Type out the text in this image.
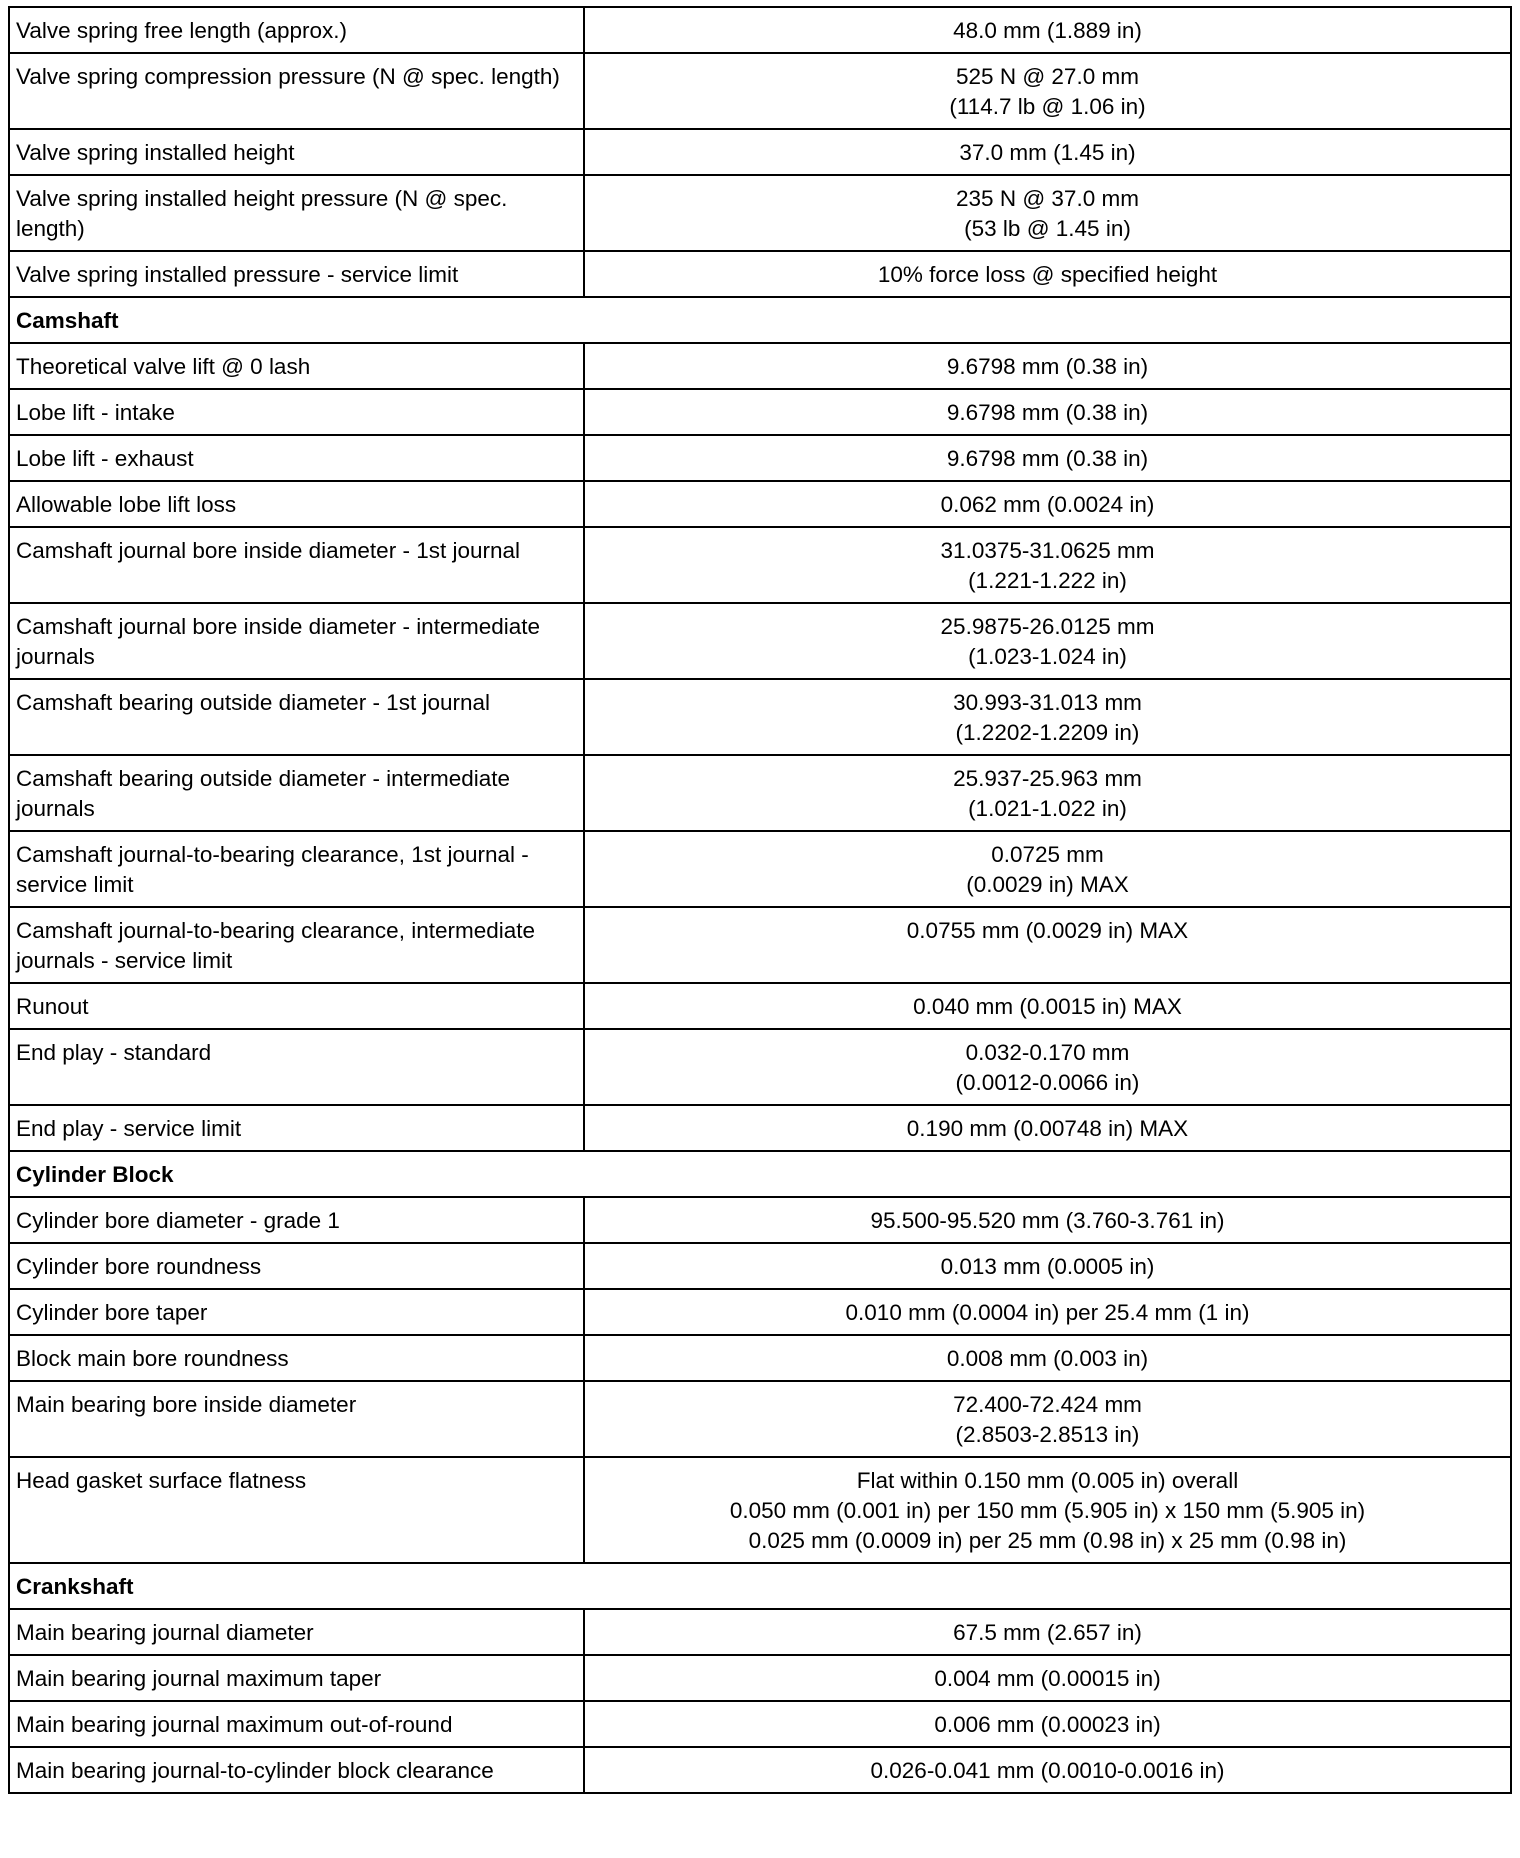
Valve spring free length (approx.)	48.0 mm (1.889 in)
Valve spring compression pressure (N @ spec. length)	525 N @ 27.0 mm
(114.7 lb @ 1.06 in)
Valve spring installed height	37.0 mm (1.45 in)
Valve spring installed height pressure (N @ spec. length)	235 N @ 37.0 mm
(53 lb @ 1.45 in)
Valve spring installed pressure - service limit	10% force loss @ specified height
Camshaft	
Theoretical valve lift @ 0 lash	9.6798 mm (0.38 in)
Lobe lift - intake	9.6798 mm (0.38 in)
Lobe lift - exhaust	9.6798 mm (0.38 in)
Allowable lobe lift loss	0.062 mm (0.0024 in)
Camshaft journal bore inside diameter - 1st journal	31.0375-31.0625 mm
(1.221-1.222 in)
Camshaft journal bore inside diameter - intermediate journals	25.9875-26.0125 mm
(1.023-1.024 in)
Camshaft bearing outside diameter - 1st journal	30.993-31.013 mm
(1.2202-1.2209 in)
Camshaft bearing outside diameter - intermediate journals	25.937-25.963 mm
(1.021-1.022 in)
Camshaft journal-to-bearing clearance, 1st journal - service limit	0.0725 mm
(0.0029 in) MAX
Camshaft journal-to-bearing clearance, intermediate journals - service limit	0.0755 mm (0.0029 in) MAX
Runout	0.040 mm (0.0015 in) MAX
End play - standard	0.032-0.170 mm
(0.0012-0.0066 in)
End play - service limit	0.190 mm (0.00748 in) MAX
Cylinder Block	
Cylinder bore diameter - grade 1	95.500-95.520 mm (3.760-3.761 in)
Cylinder bore roundness	0.013 mm (0.0005 in)
Cylinder bore taper	0.010 mm (0.0004 in) per 25.4 mm (1 in)
Block main bore roundness	0.008 mm (0.003 in)
Main bearing bore inside diameter	72.400-72.424 mm
(2.8503-2.8513 in)
Head gasket surface flatness	Flat within 0.150 mm (0.005 in) overall
0.050 mm (0.001 in) per 150 mm (5.905 in) x 150 mm (5.905 in)
0.025 mm (0.0009 in) per 25 mm (0.98 in) x 25 mm (0.98 in)
Crankshaft	
Main bearing journal diameter	67.5 mm (2.657 in)
Main bearing journal maximum taper	0.004 mm (0.00015 in)
Main bearing journal maximum out-of-round	0.006 mm (0.00023 in)
Main bearing journal-to-cylinder block clearance	0.026-0.041 mm (0.0010-0.0016 in)
